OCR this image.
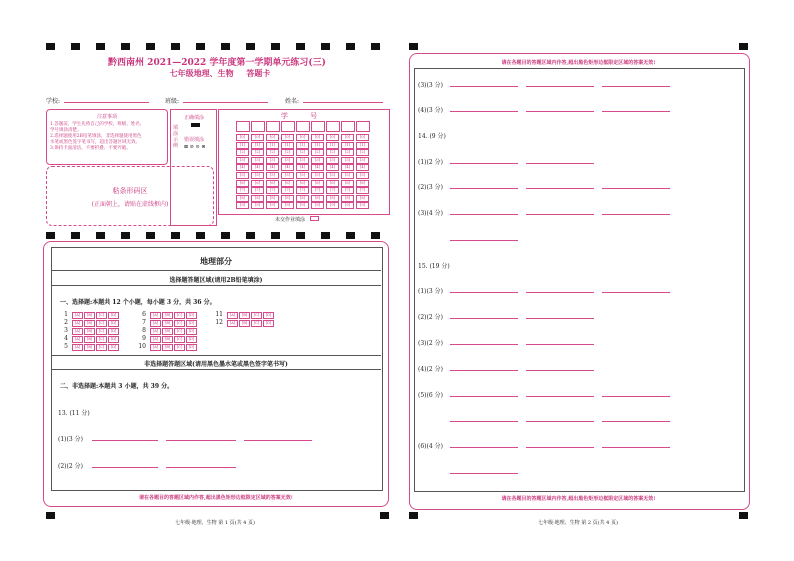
黔西南州 2021—2022 学年度第一学期单元练习(三)
七年级地理、生物 答题卡
学校:	班级:	姓名:
注意事项
1.答题前，学生先将自己的学校、班级、姓名、
学号填涂清楚。
2.选择题使用2B铅笔填涂，非选择题使用黑色
水笔或黑色签字笔书写，超出答题区域无效。
3.保持卡面清洁，不要折叠、不要弄破。
填涂示例
正确填涂
错误填涂
⊠ ⊘ ⊙ ⊗
学 号
[0]	[0]	[0]	[0]	[0]	[0]	[0]	[0]	[0]
[1]	[1]	[1]	[1]	[1]	[1]	[1]	[1]	[1]
[2]	[2]	[2]	[2]	[2]	[2]	[2]	[2]	[2]
[3]	[3]	[3]	[3]	[3]	[3]	[3]	[3]	[3]
[4]	[4]	[4]	[4]	[4]	[4]	[4]	[4]	[4]
[5]	[5]	[5]	[5]	[5]	[5]	[5]	[5]	[5]
[6]	[6]	[6]	[6]	[6]	[6]	[6]	[6]	[6]
[7]	[7]	[7]	[7]	[7]	[7]	[7]	[7]	[7]
[8]	[8]	[8]	[8]	[8]	[8]	[8]	[8]	[8]
[9]	[9]	[9]	[9]	[9]	[9]	[9]	[9]	[9]
未交作业填涂
粘条形码区
(正面朝上，请贴在虚线框内)
地理部分
选择题答题区域(请用2B铅笔填涂)
一、选择题:本题共 12 个小题，每小题 3 分，共 36 分。
1	[A]	[B]	[C]	[D]
2	[A]	[B]	[C]	[D]
3	[A]	[B]	[C]	[D]
4	[A]	[B]	[C]	[D]
5	[A]	[B]	[C]	[D]
6	[A]	[B]	[C]	[D]
7	[A]	[B]	[C]	[D]
8	[A]	[B]	[C]	[D]
9	[A]	[B]	[C]	[D]
10	[A]	[B]	[C]	[D]
11	[A]	[B]	[C]	[D]
12	[A]	[B]	[C]	[D]
非选择题答题区域(请用黑色墨水笔或黑色签字笔书写)
二、非选择题:本题共 3 小题，共 39 分。
13. (11 分)
(1)(3 分)
(2)(2 分)
请在各题目的答题区域内作答,超出黑色矩形边框限定区域的答案无效!
七年级·地理、生物 第 1 页(共 4 页)
请在各题目的答题区域内作答,超出黑色矩形边框限定区域的答案无效!
(3)(3 分)
(4)(3 分)
14. (9 分)
(1)(2 分)
(2)(3 分)
(3)(4 分)
15. (19 分)
(1)(3 分)
(2)(2 分)
(3)(2 分)
(4)(2 分)
(5)(6 分)
(6)(4 分)
请在各题目的答题区域内作答,超出黑色矩形边框限定区域的答案无效!
七年级·地理、生物 第 2 页(共 4 页)
